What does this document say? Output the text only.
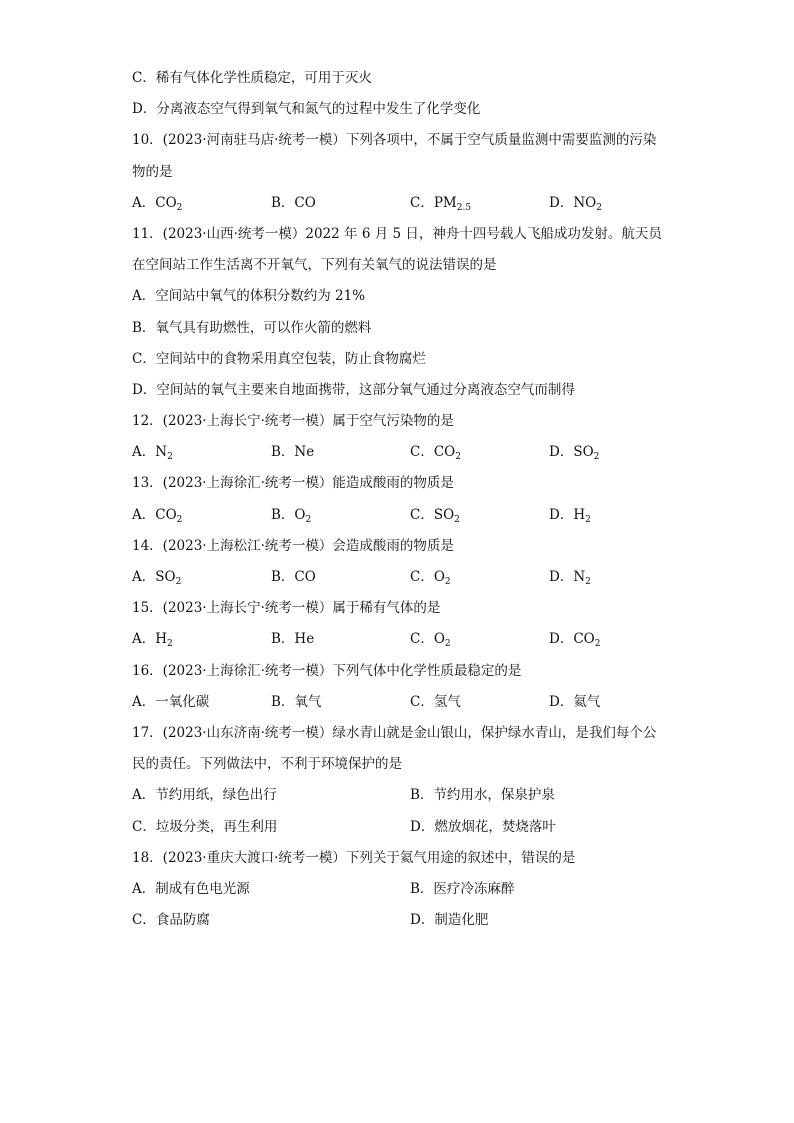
C．稀有气体化学性质稳定，可用于灭火
D．分离液态空气得到氧气和氮气的过程中发生了化学变化
10．(2023·河南驻马店·统考一模）下列各项中，不属于空气质量监测中需要监测的污染
物的是
A．$CO_2$	B．CO	C．$PM_{2.5}$	D．$NO_2$
11．(2023·山西·统考一模）2022 年 6 月 5 日，神舟十四号载人飞船成功发射。航天员
在空间站工作生活离不开氧气，下列有关氧气的说法错误的是
A．空间站中氧气的体积分数约为 21%
B．氧气具有助燃性，可以作火箭的燃料
C．空间站中的食物采用真空包装，防止食物腐烂
D．空间站的氧气主要来自地面携带，这部分氧气通过分离液态空气而制得
12．(2023·上海长宁·统考一模）属于空气污染物的是
A．$N_2$	B．Ne	C．$CO_2$	D．$SO_2$
13．(2023·上海徐汇·统考一模）能造成酸雨的物质是
A．$CO_2$	B．$O_2$	C．$SO_2$	D．$H_2$
14．(2023·上海松江·统考一模）会造成酸雨的物质是
A．$SO_2$	B．CO	C．$O_2$	D．$N_2$
15．(2023·上海长宁·统考一模）属于稀有气体的是
A．$H_2$	B．He	C．$O_2$	D．$CO_2$
16．(2023·上海徐汇·统考一模）下列气体中化学性质最稳定的是
A．一氧化碳	B．氧气	C．氢气	D．氦气
17．(2023·山东济南·统考一模）绿水青山就是金山银山，保护绿水青山，是我们每个公
民的责任。下列做法中，不利于环境保护的是
A．节约用纸，绿色出行	B．节约用水，保泉护泉
C．垃圾分类，再生利用	D．燃放烟花，焚烧落叶
18．(2023·重庆大渡口·统考一模）下列关于氦气用途的叙述中，错误的是
A．制成有色电光源	B．医疗冷冻麻醉
C．食品防腐	D．制造化肥
